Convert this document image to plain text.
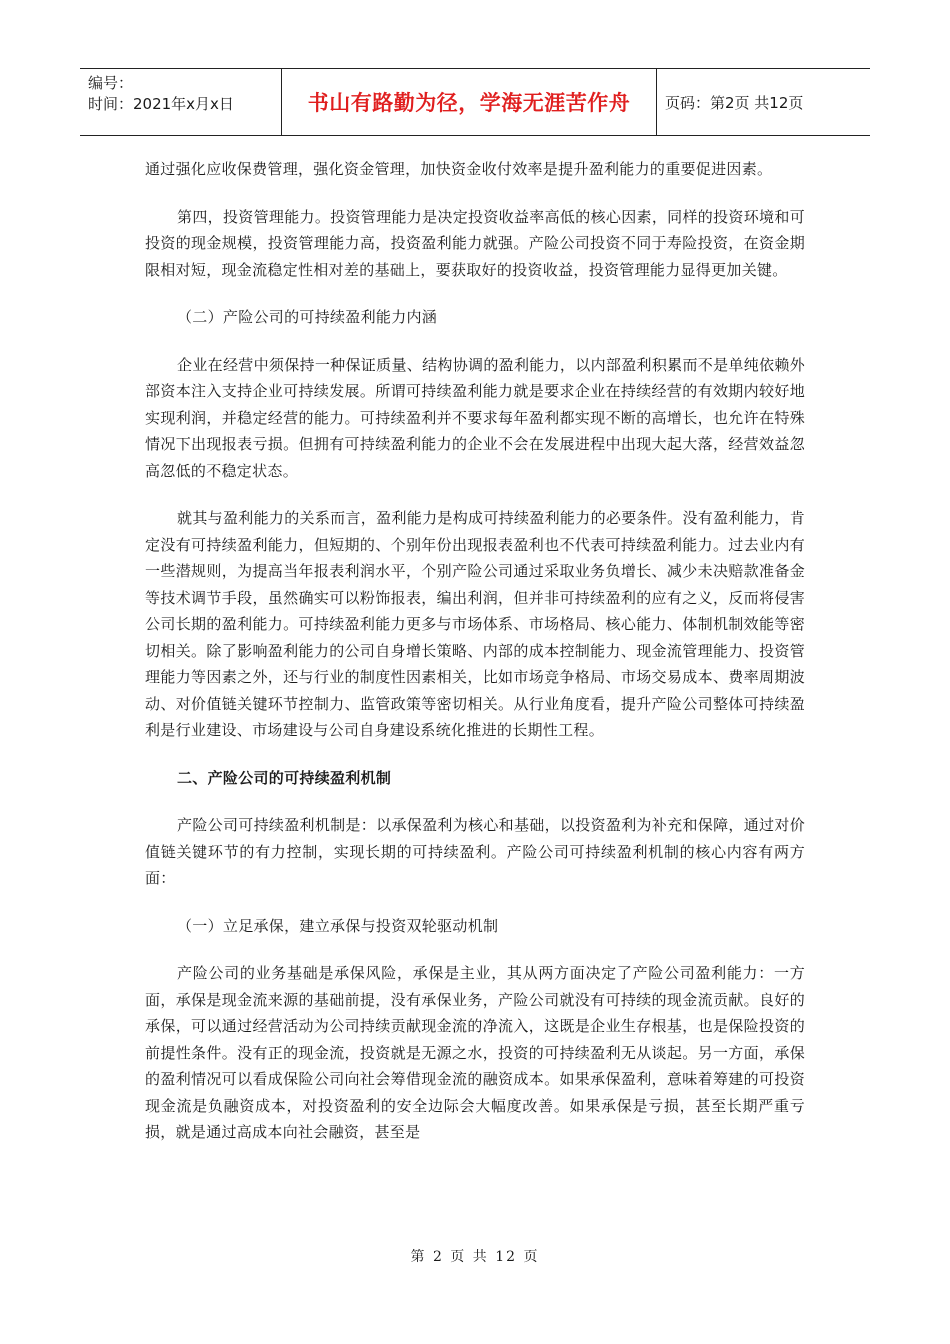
编号：
时间：2021年x月x日	书山有路勤为径，学海无涯苦作舟 页码：第2页 共12页

通过强化应收保费管理，强化资金管理，加快资金收付效率是提升盈利能力的重要促进因素。

第四，投资管理能力。投资管理能力是决定投资收益率高低的核心因素，同样的投资环境和可投资的现金规模，投资管理能力高，投资盈利能力就强。产险公司投资不同于寿险投资，在资金期限相对短，现金流稳定性相对差的基础上，要获取好的投资收益，投资管理能力显得更加关键。

（二）产险公司的可持续盈利能力内涵

企业在经营中须保持一种保证质量、结构协调的盈利能力，以内部盈利积累而不是单纯依赖外部资本注入支持企业可持续发展。所谓可持续盈利能力就是要求企业在持续经营的有效期内较好地实现利润，并稳定经营的能力。可持续盈利并不要求每年盈利都实现不断的高增长，也允许在特殊情况下出现报表亏损。但拥有可持续盈利能力的企业不会在发展进程中出现大起大落，经营效益忽高忽低的不稳定状态。

就其与盈利能力的关系而言，盈利能力是构成可持续盈利能力的必要条件。没有盈利能力，肯定没有可持续盈利能力，但短期的、个别年份出现报表盈利也不代表可持续盈利能力。过去业内有一些潜规则，为提高当年报表利润水平，个别产险公司通过采取业务负增长、减少未决赔款准备金等技术调节手段，虽然确实可以粉饰报表，编出利润，但并非可持续盈利的应有之义，反而将侵害公司长期的盈利能力。可持续盈利能力更多与市场体系、市场格局、核心能力、体制机制效能等密切相关。除了影响盈利能力的公司自身增长策略、内部的成本控制能力、现金流管理能力、投资管理能力等因素之外，还与行业的制度性因素相关，比如市场竞争格局、市场交易成本、费率周期波动、对价值链关键环节控制力、监管政策等密切相关。从行业角度看，提升产险公司整体可持续盈利是行业建设、市场建设与公司自身建设系统化推进的长期性工程。

二、产险公司的可持续盈利机制

产险公司可持续盈利机制是：以承保盈利为核心和基础，以投资盈利为补充和保障，通过对价值链关键环节的有力控制，实现长期的可持续盈利。产险公司可持续盈利机制的核心内容有两方面：

（一）立足承保，建立承保与投资双轮驱动机制

产险公司的业务基础是承保风险，承保是主业，其从两方面决定了产险公司盈利能力：一方面，承保是现金流来源的基础前提，没有承保业务，产险公司就没有可持续的现金流贡献。良好的承保，可以通过经营活动为公司持续贡献现金流的净流入，这既是企业生存根基，也是保险投资的前提性条件。没有正的现金流，投资就是无源之水，投资的可持续盈利无从谈起。另一方面，承保的盈利情况可以看成保险公司向社会筹借现金流的融资成本。如果承保盈利，意味着筹建的可投资现金流是负融资成本，对投资盈利的安全边际会大幅度改善。如果承保是亏损，甚至长期严重亏损，就是通过高成本向社会融资，甚至是

第 2 页 共 12 页
